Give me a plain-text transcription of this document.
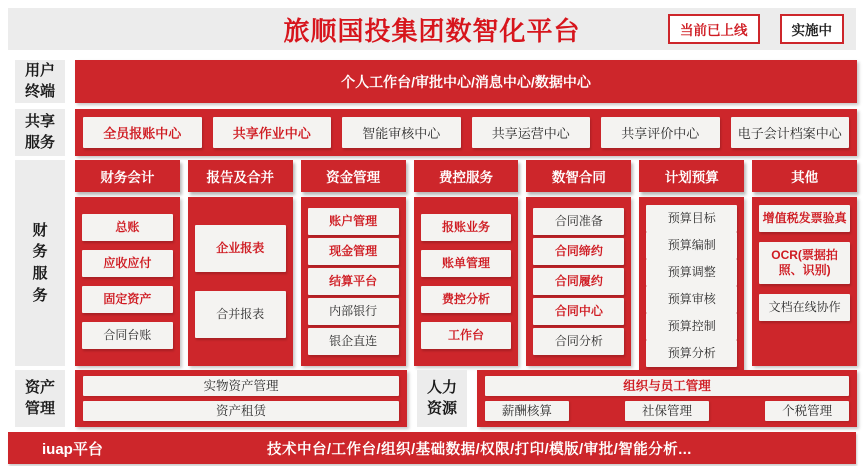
旅顺国投集团数智化平台	当前已上线	实施中
用户终端
个人工作台/审批中心/消息中心/数据中心
共享服务	全员报账中心	共享作业中心	智能审核中心	共享运营中心	共享评价中心	电子会计档案中心
财务服务
财务会计
总账
应收应付
固定资产
合同台账
报告及合并
企业报表
合并报表
资金管理
账户管理
现金管理
结算平台
内部银行
银企直连
费控服务
报账业务
账单管理
费控分析
工作台
数智合同
合同准备
合同缔约
合同履约
合同中心
合同分析
计划预算
预算目标
预算编制
预算调整
预算审核
预算控制
预算分析
其他
增值税发票验真
OCR(票据拍照、识别)
文档在线协作
资产管理
实物资产管理
资产租赁
人力资源
组织与员工管理
薪酬核算	社保管理	个税管理
iuap平台	技术中台/工作台/组织/基础数据/权限/打印/模版/审批/智能分析...
